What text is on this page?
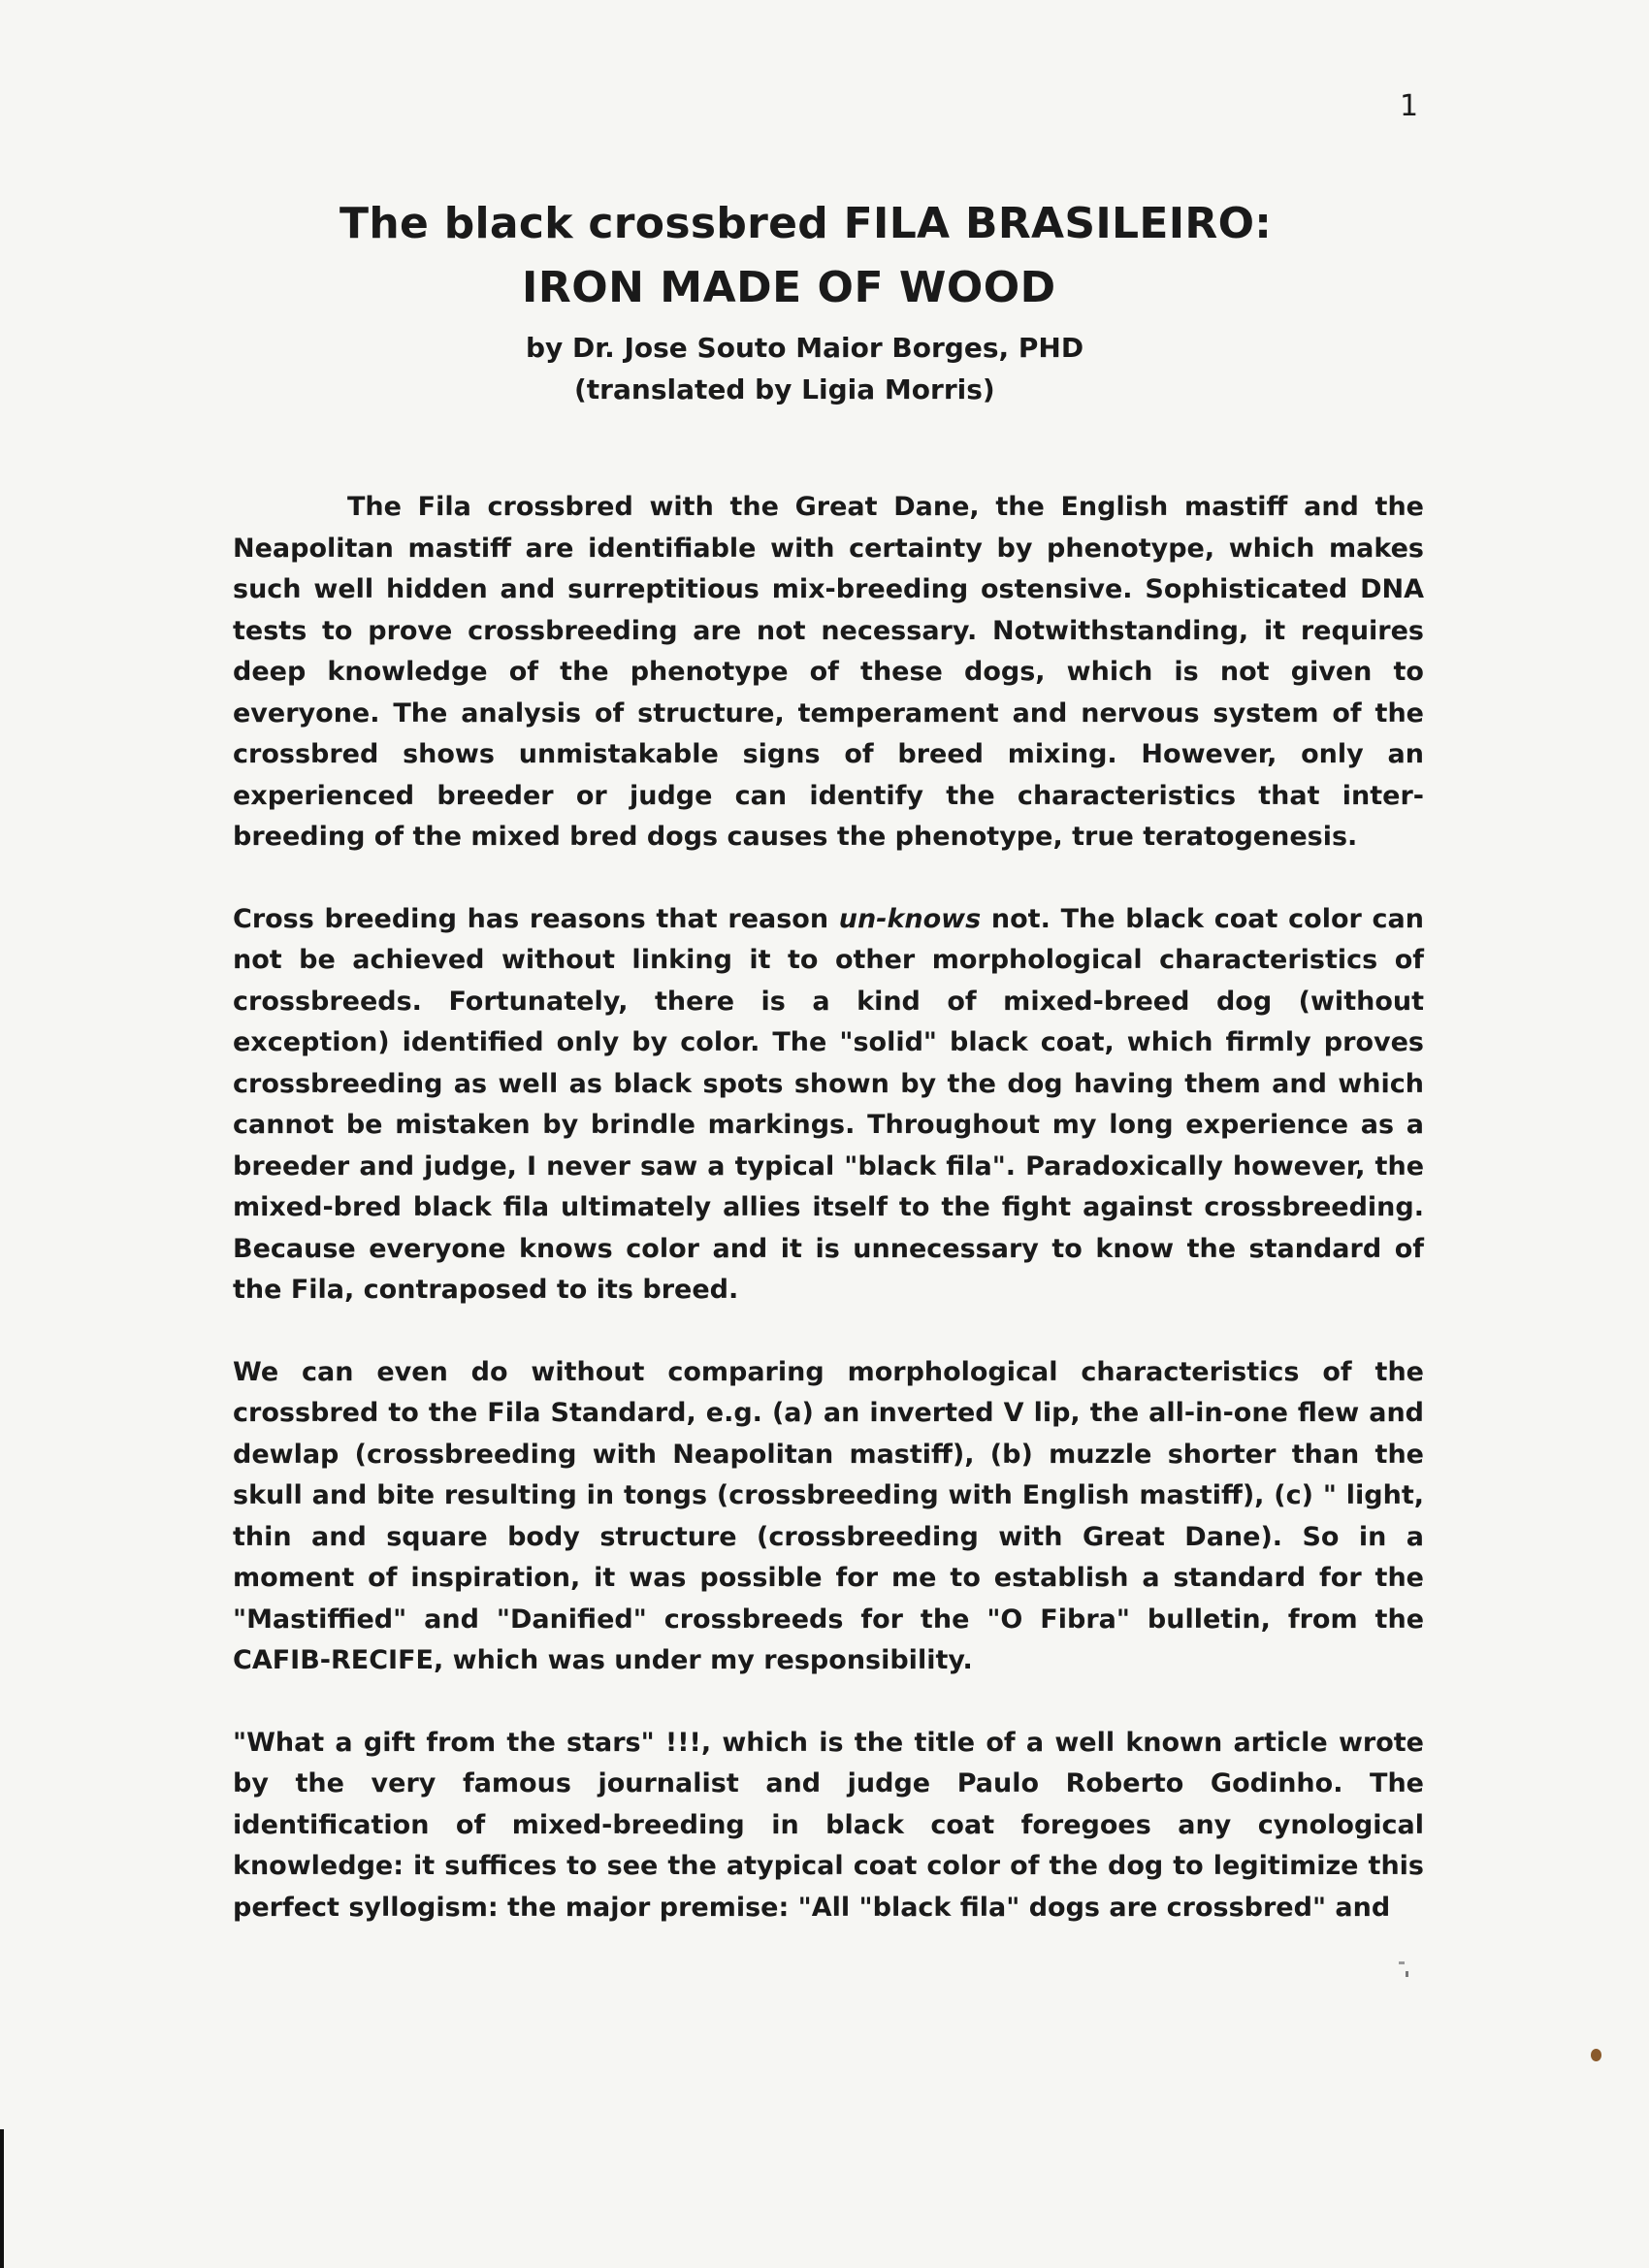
1
The black crossbred FILA BRASILEIRO:
IRON MADE OF WOOD
by Dr. Jose Souto Maior Borges, PHD
(translated by Ligia Morris)

The Fila crossbred with the Great Dane, the English mastiff and the Neapolitan mastiff are identifiable with certainty by phenotype, which makes such well hidden and surreptitious mix-breeding ostensive. Sophisticated DNA tests to prove crossbreeding are not necessary. Notwithstanding, it requires deep knowledge of the phenotype of these dogs, which is not given to everyone. The analysis of structure, temperament and nervous system of the crossbred shows unmistakable signs of breed mixing. However, only an experienced breeder or judge can identify the characteristics that inter-breeding of the mixed bred dogs causes the phenotype, true teratogenesis.

Cross breeding has reasons that reason un-knows not. The black coat color can not be achieved without linking it to other morphological characteristics of crossbreeds. Fortunately, there is a kind of mixed-breed dog (without exception) identified only by color. The "solid" black coat, which firmly proves crossbreeding as well as black spots shown by the dog having them and which cannot be mistaken by brindle markings. Throughout my long experience as a breeder and judge, I never saw a typical "black fila". Paradoxically however, the mixed-bred black fila ultimately allies itself to the fight against crossbreeding. Because everyone knows color and it is unnecessary to know the standard of the Fila, contraposed to its breed.

We can even do without comparing morphological characteristics of the crossbred to the Fila Standard, e.g. (a) an inverted V lip, the all-in-one flew and dewlap (crossbreeding with Neapolitan mastiff), (b) muzzle shorter than the skull and bite resulting in tongs (crossbreeding with English mastiff), (c) " light, thin and square body structure (crossbreeding with Great Dane). So in a moment of inspiration, it was possible for me to establish a standard for the "Mastiffied" and "Danified" crossbreeds for the "O Fibra" bulletin, from the CAFIB-RECIFE, which was under my responsibility.

"What a gift from the stars" !!!, which is the title of a well known article wrote by the very famous journalist and judge Paulo Roberto Godinho. The identification of mixed-breeding in black coat foregoes any cynological knowledge: it suffices to see the atypical coat color of the dog to legitimize this perfect syllogism: the major premise: "All "black fila" dogs are crossbred" and
